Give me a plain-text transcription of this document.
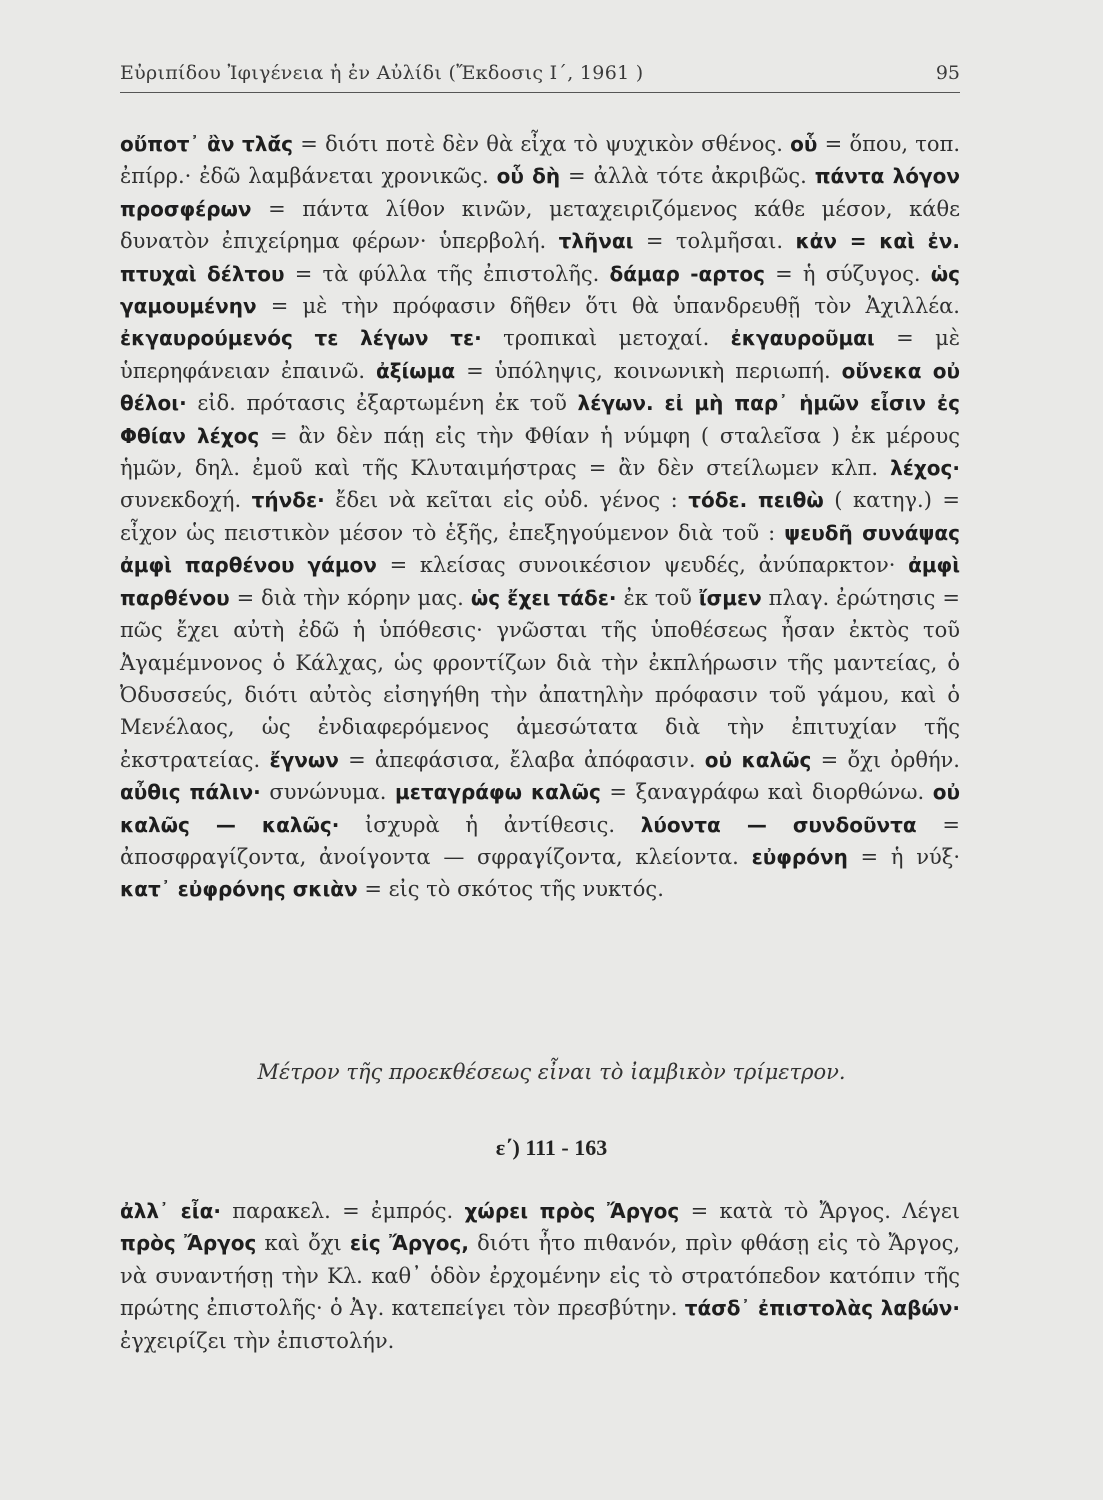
Εὐριπίδου Ἰφιγένεια ἡ ἐν Αὐλίδι (Ἔκδοσις Ι΄, 1961 )	95
οὔποτ᾿ ἂν τλᾰ́ς = διότι ποτὲ δὲν θὰ εἶχα τὸ ψυχικὸν σθένος. οὗ = ὅπου, τοπ. ἐπίρρ.· ἐδῶ λαμβάνεται χρονικῶς. οὗ δὴ = ἀλλὰ τότε ἀκριβῶς. πάντα λόγον προσφέρων = πάντα λίθον κινῶν, μεταχειριζόμενος κάθε μέσον, κάθε δυνατὸν ἐπιχείρημα φέρων· ὑπερβολή. τλῆναι = τολμῆσαι. κἀν = καὶ ἐν. πτυχαὶ δέλτου = τὰ φύλλα τῆς ἐπιστολῆς. δάμαρ -αρτος = ἡ σύζυγος. ὡς γαμουμένην = μὲ τὴν πρόφασιν δῆθεν ὅτι θὰ ὑπανδρευθῇ τὸν Ἀχιλλέα. ἐκγαυρούμενός τε λέγων τε· τροπικαὶ μετοχαί. ἐκγαυροῦμαι = μὲ ὑπερηφάνειαν ἐπαινῶ. ἀξίωμα = ὑπόληψις, κοινωνικὴ περιωπή. οὕνεκα οὐ θέλοι· εἰδ. πρότασις ἐξαρτωμένη ἐκ τοῦ λέγων. εἰ μὴ παρ᾿ ἡμῶν εἶσιν ἐς Φθίαν λέχος = ἂν δὲν πάῃ εἰς τὴν Φθίαν ἡ νύμφη ( σταλεῖσα ) ἐκ μέρους ἡμῶν, δηλ. ἐμοῦ καὶ τῆς Κλυταιμήστρας = ἂν δὲν στείλωμεν κλπ. λέχος· συνεκδοχή. τήνδε· ἔδει νὰ κεῖται εἰς οὐδ. γένος : τόδε. πειθὼ ( κατηγ.) = εἶχον ὡς πειστικὸν μέσον τὸ ἑξῆς, ἐπεξηγούμενον διὰ τοῦ : ψευδῆ συνάψας ἀμφὶ παρθένου γάμον = κλείσας συνοικέσιον ψευδές, ἀνύπαρκτον· ἀμφὶ παρθένου = διὰ τὴν κόρην μας. ὡς ἔχει τάδε· ἐκ τοῦ ἴσμεν πλαγ. ἐρώτησις = πῶς ἔχει αὐτὴ ἐδῶ ἡ ὑπόθεσις· γνῶσται τῆς ὑποθέσεως ἦσαν ἐκτὸς τοῦ Ἀγαμέμνονος ὁ Κάλχας, ὡς φροντίζων διὰ τὴν ἐκπλήρωσιν τῆς μαντείας, ὁ Ὀδυσσεύς, διότι αὐτὸς εἰσηγήθη τὴν ἀπατηλὴν πρόφασιν τοῦ γάμου, καὶ ὁ Μενέλαος, ὡς ἐνδιαφερόμενος ἀμεσώτατα διὰ τὴν ἐπιτυχίαν τῆς ἐκστρατείας. ἔγνων = ἀπεφάσισα, ἔλαβα ἀπόφασιν. οὐ καλῶς = ὄχι ὀρθήν. αὖθις πάλιν· συνώνυμα. μεταγράφω καλῶς = ξαναγράφω καὶ διορθώνω. οὐ καλῶς — καλῶς· ἰσχυρὰ ἡ ἀντίθεσις. λύοντα — συνδοῦντα = ἀποσφραγίζοντα, ἀνοίγοντα — σφραγίζοντα, κλείοντα. εὐφρόνη = ἡ νύξ· κατ᾿ εὐφρόνης σκιὰν = εἰς τὸ σκότος τῆς νυκτός.
Μέτρον τῆς προεκθέσεως εἶναι τὸ ἰαμβικὸν τρίμετρον.
ε΄) 111 - 163
ἀλλ᾿ εἶα· παρακελ. = ἐμπρός. χώρει πρὸς Ἄργος = κατὰ τὸ Ἄργος. Λέγει πρὸς Ἄργος καὶ ὄχι εἰς Ἄργος, διότι ἦτο πιθανόν, πρὶν φθάσῃ εἰς τὸ Ἄργος, νὰ συναντήσῃ τὴν Κλ. καθ᾿ ὁδὸν ἐρχομένην εἰς τὸ στρατόπεδον κατόπιν τῆς πρώτης ἐπιστολῆς· ὁ Ἀγ. κατεπείγει τὸν πρεσβύτην. τάσδ᾿ ἐπιστολὰς λαβών· ἐγχειρίζει τὴν ἐπιστολήν.
